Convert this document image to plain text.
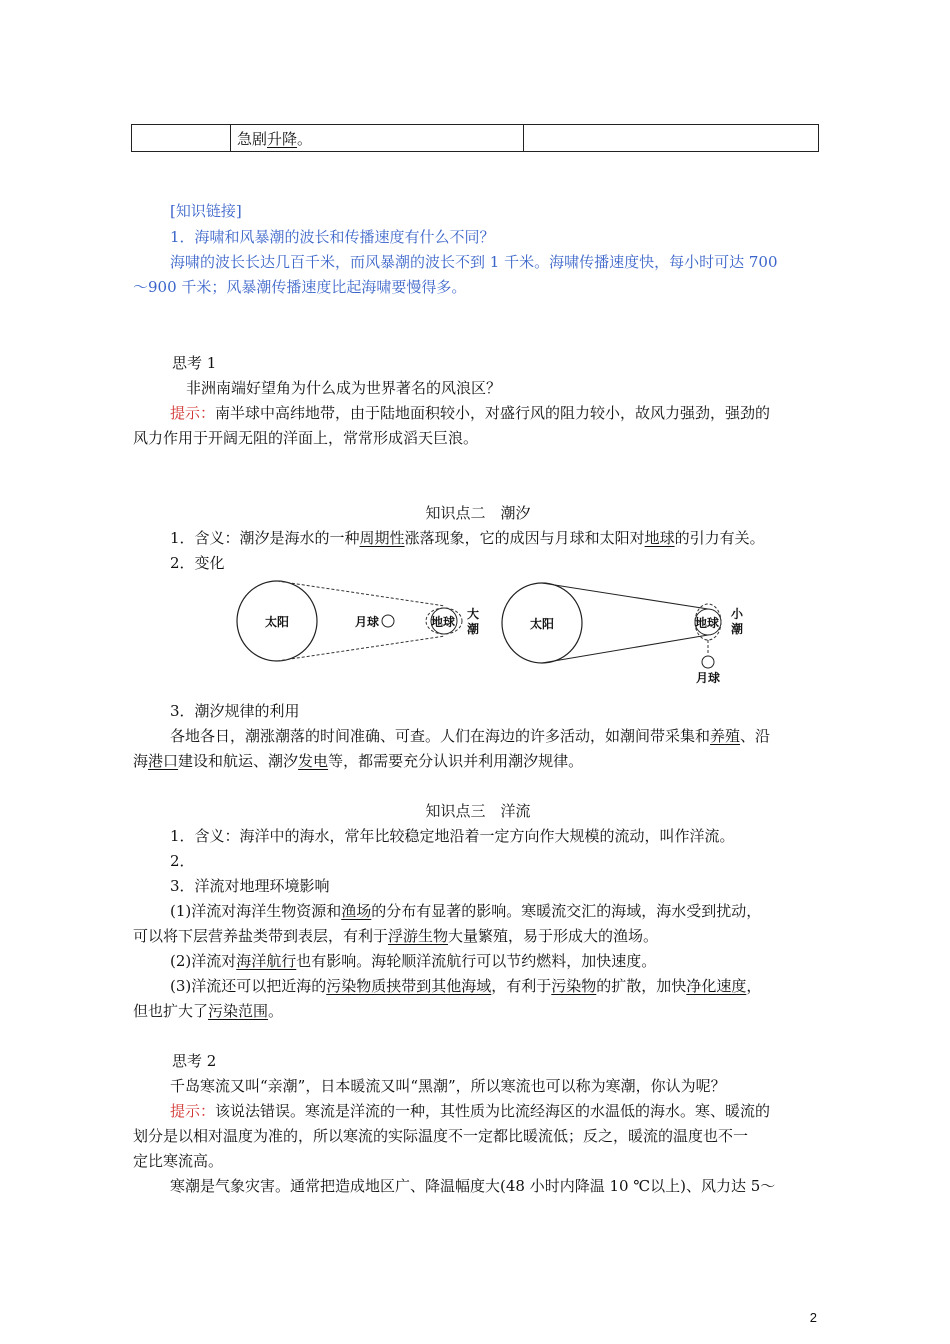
	急剧升降。	
[知识链接]
1．海啸和风暴潮的波长和传播速度有什么不同？
海啸的波长长达几百千米，而风暴潮的波长不到 1 千米。海啸传播速度快，每小时可达 700
～900 千米；风暴潮传播速度比起海啸要慢得多。
思考 1
非洲南端好望角为什么成为世界著名的风浪区？
提示：南半球中高纬地带，由于陆地面积较小，对盛行风的阻力较小，故风力强劲，强劲的
风力作用于开阔无阻的洋面上，常常形成滔天巨浪。
知识点二　潮汐
1．含义：潮汐是海水的一种周期性涨落现象，它的成因与月球和太阳对地球的引力有关。
2．变化
太阳	月球	地球
大
潮	太阳	地球
月球
小
潮
3．潮汐规律的利用
各地各日，潮涨潮落的时间准确、可查。人们在海边的许多活动，如潮间带采集和养殖、沿
海港口建设和航运、潮汐发电等，都需要充分认识并利用潮汐规律。
知识点三　洋流
1．含义：海洋中的海水，常年比较稳定地沿着一定方向作大规模的流动，叫作洋流。
2．
3．洋流对地理环境影响
(1)洋流对海洋生物资源和渔场的分布有显著的影响。寒暖流交汇的海域，海水受到扰动，
可以将下层营养盐类带到表层，有利于浮游生物大量繁殖，易于形成大的渔场。
(2)洋流对海洋航行也有影响。海轮顺洋流航行可以节约燃料，加快速度。
(3)洋流还可以把近海的污染物质挟带到其他海域，有利于污染物的扩散，加快净化速度，
但也扩大了污染范围。
思考 2
千岛寒流又叫“亲潮”，日本暖流又叫“黑潮”，所以寒流也可以称为寒潮，你认为呢？
提示：该说法错误。寒流是洋流的一种，其性质为比流经海区的水温低的海水。寒、暖流的
划分是以相对温度为准的，所以寒流的实际温度不一定都比暖流低；反之，暖流的温度也不一
定比寒流高。
寒潮是气象灾害。通常把造成地区广、降温幅度大(48 小时内降温 10 ℃以上)、风力达 5～
2
